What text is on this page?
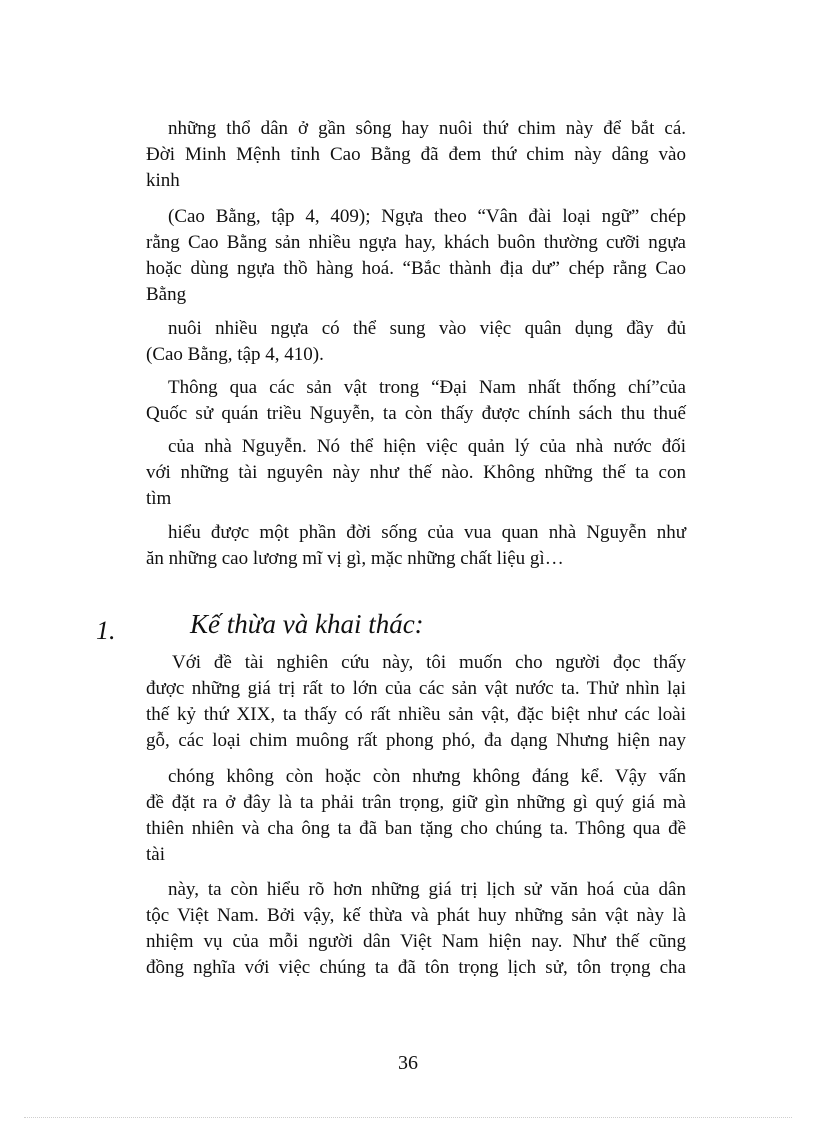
những thổ dân ở gần sông hay nuôi thứ chim này để bắt cá.
Đời Minh Mệnh tỉnh Cao Bằng đã đem thứ chim này dâng vào
kinh
(Cao Bằng, tập 4, 409); Ngựa theo “Vân đài loại ngữ” chép
rằng Cao Bằng sản nhiều ngựa hay, khách buôn thường cưỡi ngựa
hoặc dùng ngựa thồ hàng hoá. “Bắc thành địa dư” chép rằng Cao
Bằng
nuôi nhiều ngựa có thể sung vào việc quân dụng đầy đủ
(Cao Bằng, tập 4, 410).
Thông qua các sản vật trong “Đại Nam nhất thống chí”của
Quốc sử quán triều Nguyễn, ta còn thấy được chính sách thu thuế
của nhà Nguyễn. Nó thể hiện việc quản lý của nhà nước đối
với những tài nguyên này như thế nào. Không những thế ta con
tìm
hiểu được một phần đời sống của vua quan nhà Nguyễn như
ăn những cao lương mĩ vị gì, mặc những chất liệu gì…
1.	Kế thừa và khai thác:
Với đề tài nghiên cứu này, tôi muốn cho người đọc thấy
được những giá trị rất to lớn của các sản vật nước ta. Thử nhìn lại
thế kỷ thứ XIX, ta thấy có rất nhiều sản vật, đặc biệt như các loài
gỗ, các loại chim muông rất phong phó, đa dạng Nhưng hiện nay
chóng không còn hoặc còn nhưng không đáng kể. Vậy vấn
đề đặt ra ở đây là ta phải trân trọng, giữ gìn những gì quý giá mà
thiên nhiên và cha ông ta đã ban tặng cho chúng ta. Thông qua đề
tài
này, ta còn hiểu rõ hơn những giá trị lịch sử văn hoá của dân
tộc Việt Nam. Bởi vậy, kế thừa và phát huy những sản vật này là
nhiệm vụ của mỗi người dân Việt Nam hiện nay. Như thế cũng
đồng nghĩa với việc chúng ta đã tôn trọng lịch sử, tôn trọng cha
36
